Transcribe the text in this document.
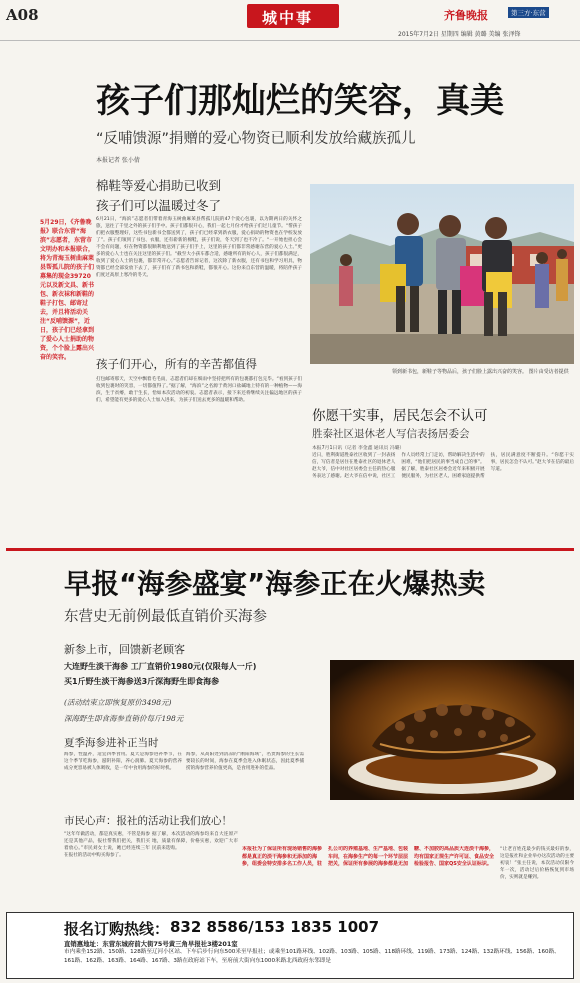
A08	城中事	齐鲁晚报	第三方·东营
2015年7月2日 星期四 编辑 黄璐 美编 张泽锋
孩子们那灿烂的笑容，真美
“反哺馈源”捐赠的爱心物资已顺利发放给藏族孤儿
本报记者 张小倩
5月29日，《齐鲁晚报》联合东营“海滨”志愿者，东营市文明办和本报联合，将为青海玉树曲麻莱县帮孤儿院的孩子们募集的现金39720元以及新文具、新书包、新衣袜和新鞋的鞋子打包、邮寄过去，并且将活动关注“反哺馈源”，近日，孩子们已经拿到了爱心人士捐助的物资，个个脸上露出兴奋的笑容。
棉鞋等爱心捐助已收到
孩子们可以温暖过冬了
6月21日，“海滨”志愿者们带着青海玉树曲麻莱县帮孤儿院的47个爱心包裹，以为期两日的关怀之旅，送往了千里之外的孩子们手中。孩子们都很开心，我们一起七月份才给孩子们过儿童节。“帮孩子们把衣服整理好，这些书包新书全都送到了，孩子们已经拿到新衣服，爱心捐助的物资也在学校发放了”。孩子们领到了书包、衣服，还有崭新的棉鞋，孩子们说，冬天到了也不冷了。“一开始也担心会不会有问题，好在物资都很顺利地送到了孩子们手上，这里的孩子们都非常感谢东营的爱心人士。”更多的爱心人士也在关注这里的孩子们。“截至大小孩车都合适，感谢所有的好心人，孩子们都很满足，收到了爱心人士的包裹，都非常开心。”志愿者告诉记者，这次除了新衣服，还有书包和学习用具，物资都已经全部发放下去了，孩子们有了新书包和新鞋，都很开心。这份来自东营的温暖，将陪伴孩子们度过高原上寒冷的冬天。
孩子们开心，所有的辛苦都值得
打包邮寄那天，天空中飘着毛毛雨，志愿者们却在细雨中坚持把所有的包裹都打包完毕。“看到孩子们收到包裹时的笑容，一切都值得了。”据了解，“海滨”之名源于黄河口盐碱地上特有的一种植物——海滨，生于贫瘠，敢于生长，恰如本次活动的初衷。志愿者表示，接下来还将继续关注偏远地区的孩子们，希望能有更多的爱心人士加入进来，为孩子们送去更多的温暖和帮助。
领到新书包，新鞋子等物品后，孩子们脸上露出兴奋的笑容。 图片由受访者提供
你愿干实事，居民怎会不认可
胜泰社区退休老人写信表扬居委会
本报7月1日讯（记者 李金鑫 通讯员 冯璐）
近日，胜利街道胜泰社区收到了一封表扬信，写信者是居住在胜泰社区的退休老人赵大爷，信中对社区居委会主任的热心服务表达了感谢。赵大爷在信中说，社区工作人员经常上门走访，帮助解决生活中的困难，“他们把居民的事当成自己的事”。据了解，胜泰社区居委会近年来积极开展便民服务，为社区老人、困难家庭提供帮扶，居民满意度不断提升。“你愿干实事，居民怎会不认可。”赵大爷在信的最后写道。
早报“海参盛宴”海参正在火爆热卖
东营史无前例最低直销价买海参
新参上市，回馈新老顾客
大连野生淡干海参 工厂直销价1980元(仅限每人一斤)
买1斤野生淡干海参送3斤深海野生即食海参
(活动结束立即恢复原价3498元)
深海野生即食海参直销价每斤198元
夏季海参进补正当时
海参，性温补，适宜四季食用。夏天是海参进补季节，在这个季节吃海参，滋阴补阳，养心润肺。夏天海参的营养成分更容易被人体吸收，是一年中食用海参的好时机。
海参，从高阳处到清凉的“刚阳海域”，名贵海参的生长需要较长的时间，海参在夏季会进入休眠状态，因此夏季捕捞的海参营养价值更高，是食用进补的佳品。
市民心声：报社的活动让我们放心！
“这年年做活动，都是真实惠，不管是海参还是其他产品，报社帮我们把关，我们买着放心。”市民刘女士说，她已经连续三年在报社的活动中购买海参了。
据了解，本次活动的海参均来自大连原产地，质量有保障，价格实惠，欢迎广大市民前来选购。	本报社为了保证所有现场销售的海参都是真正的淡干海参和无添加的海参，组委会特安排多名工作人员，驻扎公司的养殖基地、生产基地、包装车间，在海参生产的每一个环节层层把关，保证所有参展的海参都是无加糖、不加胶的高品质大连淡干海参，均有国家正规生产许可证、食品安全检验报告、国家QS安全认证标识。
“让老百姓花最少的钱买最好的参，这是报社和企业举办这次活动的主要初衷！”张主任说，本次活动仅限今年一次，活动过后价格恢复到市场价，实则就是赚到。
报名订购热线： 832 8586/153 1835 1007
直销惠地址：东营东城府前大街75号黄三角早报社3楼201室
市内乘坐152路、150路、128路至辽河小区站、下车后步行向东500米至早报社；或乘坐101路环线、102路、103路、105路、118路环线、119路、173路、124路、132路环线、156路、160路、161路、162路、163路、164路、167路、3路在政府站下车，至府前大街向东1000米路北西政府东邻即是
